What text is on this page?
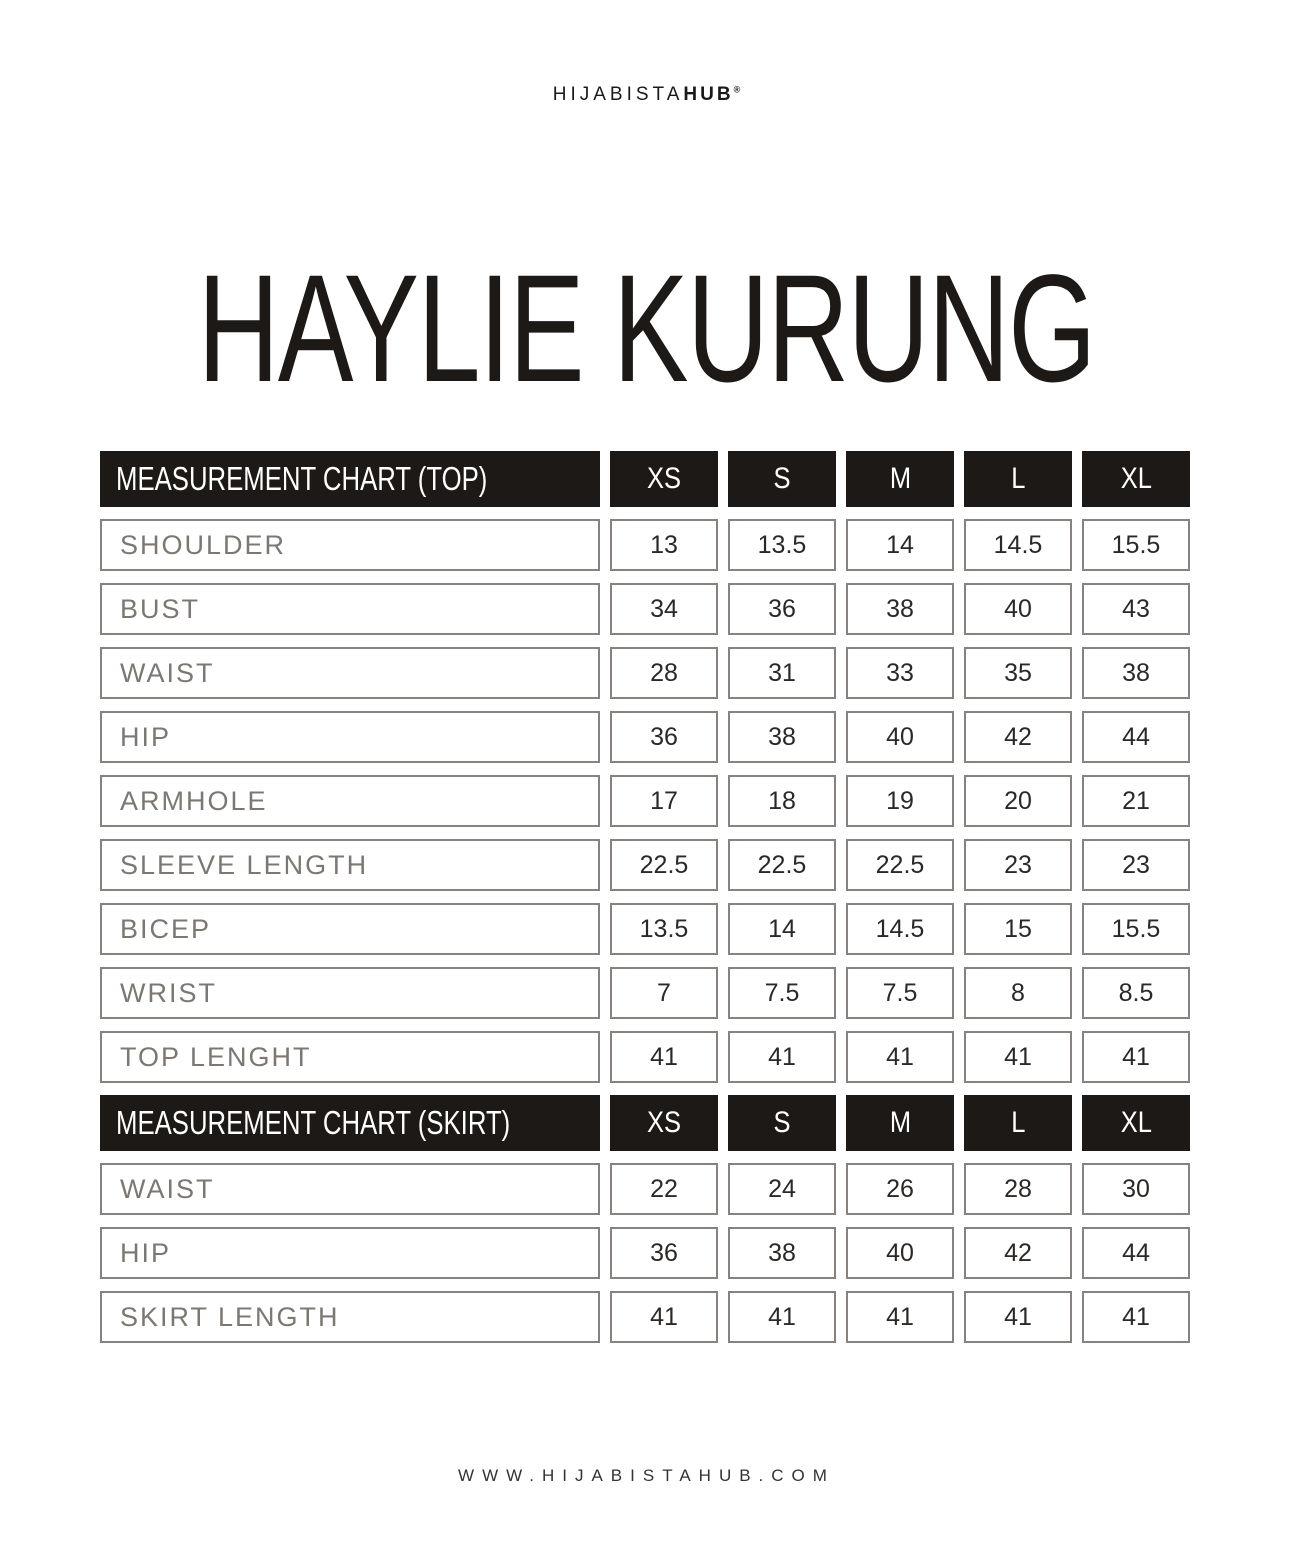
HIJABISTAHUB®
HAYLIE KURUNG
MEASUREMENT CHART (TOP)	XS	S	M	L	XL
SHOULDER	13	13.5	14	14.5	15.5
BUST	34	36	38	40	43
WAIST	28	31	33	35	38
HIP	36	38	40	42	44
ARMHOLE	17	18	19	20	21
SLEEVE LENGTH	22.5	22.5	22.5	23	23
BICEP	13.5	14	14.5	15	15.5
WRIST	7	7.5	7.5	8	8.5
TOP LENGHT	41	41	41	41	41
MEASUREMENT CHART (SKIRT)	XS	S	M	L	XL
WAIST	22	24	26	28	30
HIP	36	38	40	42	44
SKIRT LENGTH	41	41	41	41	41
WWW.HIJABISTAHUB.COM
